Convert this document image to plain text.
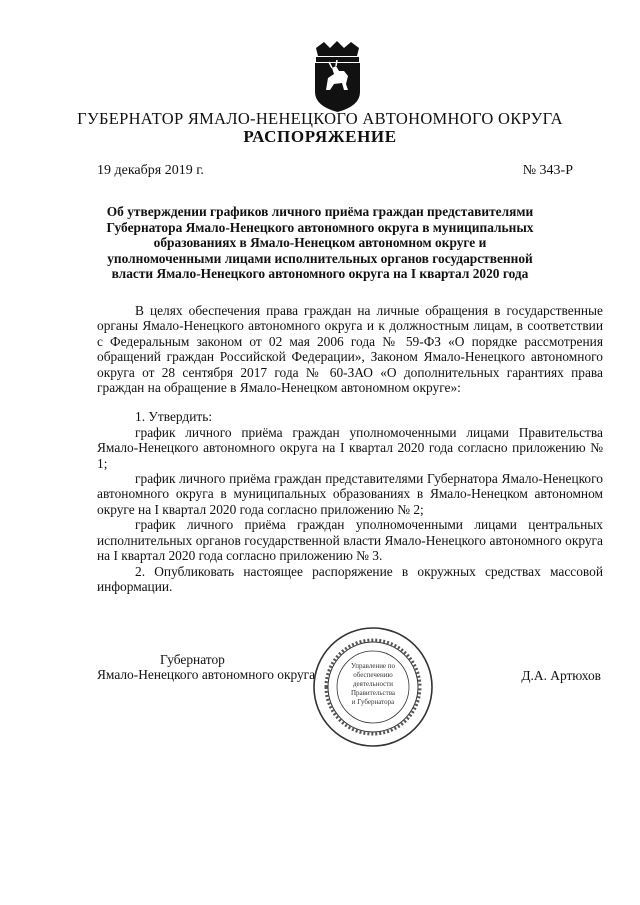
ГУБЕРНАТОР ЯМАЛО-НЕНЕЦКОГО АВТОНОМНОГО ОКРУГА
РАСПОРЯЖЕНИЕ
19 декабря 2019 г.	№ 343-Р
Об утверждении графиков личного приёма граждан представителями Губернатора Ямало-Ненецкого автономного округа в муниципальных образованиях в Ямало-Ненецком автономном округе и уполномоченными лицами исполнительных органов государственной власти Ямало-Ненецкого автономного округа на I квартал 2020 года

В целях обеспечения права граждан на личные обращения в государственные органы Ямало-Ненецкого автономного округа и к должностным лицам, в соответствии с Федеральным законом от 02 мая 2006 года № 59-ФЗ «О порядке рассмотрения обращений граждан Российской Федерации», Законом Ямало-Ненецкого автономного округа от 28 сентября 2017 года № 60-ЗАО «О дополнительных гарантиях права граждан на обращение в Ямало-Ненецком автономном округе»:

1. Утвердить:

график личного приёма граждан уполномоченными лицами Правительства Ямало-Ненецкого автономного округа на I квартал 2020 года согласно приложению № 1;

график личного приёма граждан представителями Губернатора Ямало-Ненецкого автономного округа в муниципальных образованиях в Ямало-Ненецком автономном округе на I квартал 2020 года согласно приложению № 2;

график личного приёма граждан уполномоченными лицами центральных исполнительных органов государственной власти Ямало-Ненецкого автономного округа на I квартал 2020 года согласно приложению № 3.

2. Опубликовать настоящее распоряжение в окружных средствах массовой информации.

Губернатор
Ямало-Ненецкого автономного округа	Д.А. Артюхов
Управление по
обеспечению
деятельности
Правительства
и Губернатора
